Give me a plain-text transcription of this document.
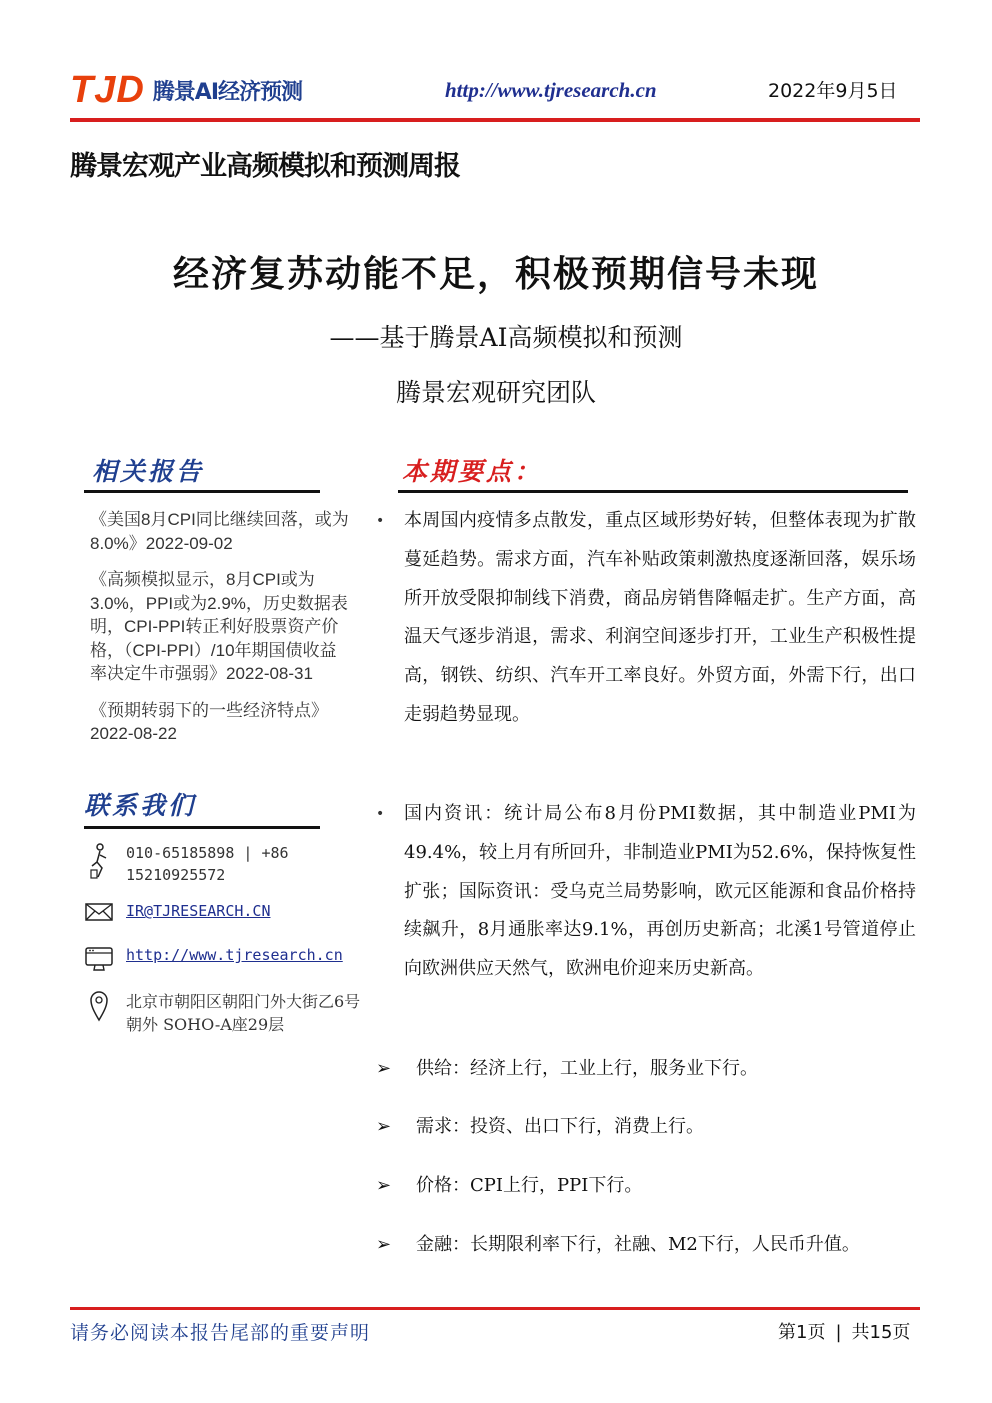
TJD 腾景AI经济预测	http://www.tjresearch.cn	2022年9月5日
腾景宏观产业高频模拟和预测周报
经济复苏动能不足，积极预期信号未现
——基于腾景AI高频模拟和预测
腾景宏观研究团队
相关报告
《美国8月CPI同比继续回落，或为8.0%》2022-09-02
《高频模拟显示，8月CPI或为3.0%，PPI或为2.9%，历史数据表明，CPI-PPI转正利好股票资产价格，（CPI-PPI）/10年期国债收益率决定牛市强弱》2022-08-31
《预期转弱下的一些经济特点》2022-08-22
联系我们
010-65185898 | +86 15210925572
IR@TJRESEARCH.CN
http://www.tjresearch.cn
北京市朝阳区朝阳门外大街乙6号朝外 SOHO-A座29层
本期要点：
•	本周国内疫情多点散发，重点区域形势好转，但整体表现为扩散蔓延趋势。需求方面，汽车补贴政策刺激热度逐渐回落，娱乐场所开放受限抑制线下消费，商品房销售降幅走扩。生产方面，高温天气逐步消退，需求、利润空间逐步打开，工业生产积极性提高，钢铁、纺织、汽车开工率良好。外贸方面，外需下行，出口走弱趋势显现。
•	国内资讯：统计局公布8月份PMI数据，其中制造业PMI为49.4%，较上月有所回升，非制造业PMI为52.6%，保持恢复性扩张；国际资讯：受乌克兰局势影响，欧元区能源和食品价格持续飙升，8月通胀率达9.1%，再创历史新高；北溪1号管道停止向欧洲供应天然气，欧洲电价迎来历史新高。
➢	供给：经济上行，工业上行，服务业下行。
➢	需求：投资、出口下行，消费上行。
➢	价格：CPI上行，PPI下行。
➢	金融：长期限利率下行，社融、M2下行，人民币升值。
请务必阅读本报告尾部的重要声明	第1页 | 共15页
